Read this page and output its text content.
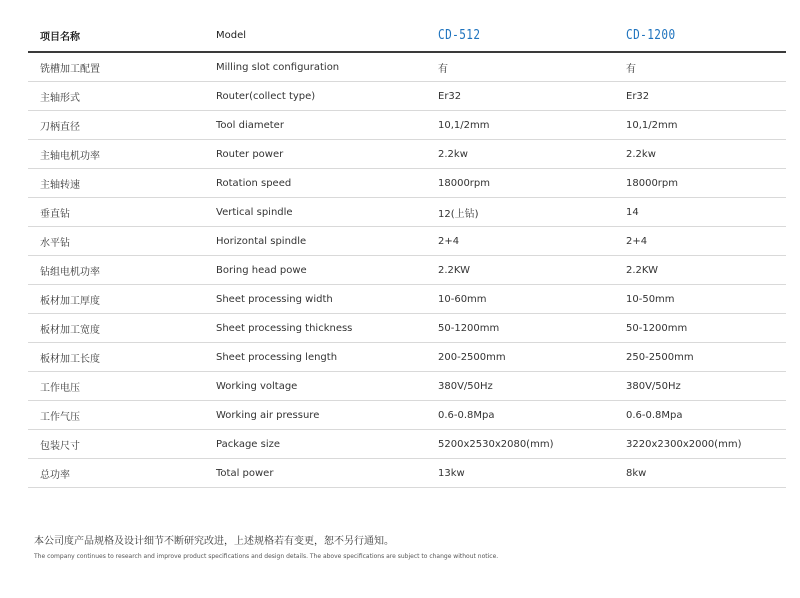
项目名称	Model	CD-512	CD-1200
铣槽加工配置	Milling slot configuration	有	有
主轴形式	Router(collect type)	Er32	Er32
刀柄直径	Tool diameter	10,1/2mm	10,1/2mm
主轴电机功率	Router power	2.2kw	2.2kw
主轴转速	Rotation speed	18000rpm	18000rpm
垂直钻	Vertical spindle	12(上钻)	14
水平钻	Horizontal spindle	2+4	2+4
钻组电机功率	Boring head powe	2.2KW	2.2KW
板材加工厚度	Sheet processing width	10-60mm	10-50mm
板材加工宽度	Sheet processing thickness	50-1200mm	50-1200mm
板材加工长度	Sheet processing length	200-2500mm	250-2500mm
工作电压	Working voltage	380V/50Hz	380V/50Hz
工作气压	Working air pressure	0.6-0.8Mpa	0.6-0.8Mpa
包装尺寸	Package size	5200x2530x2080(mm)	3220x2300x2000(mm)
总功率	Total power	13kw	8kw

本公司度产品规格及设计细节不断研究改进，上述规格若有变更，恕不另行通知。

The company continues to research and improve product specifications and design details. The above specifications are subject to change without notice.
